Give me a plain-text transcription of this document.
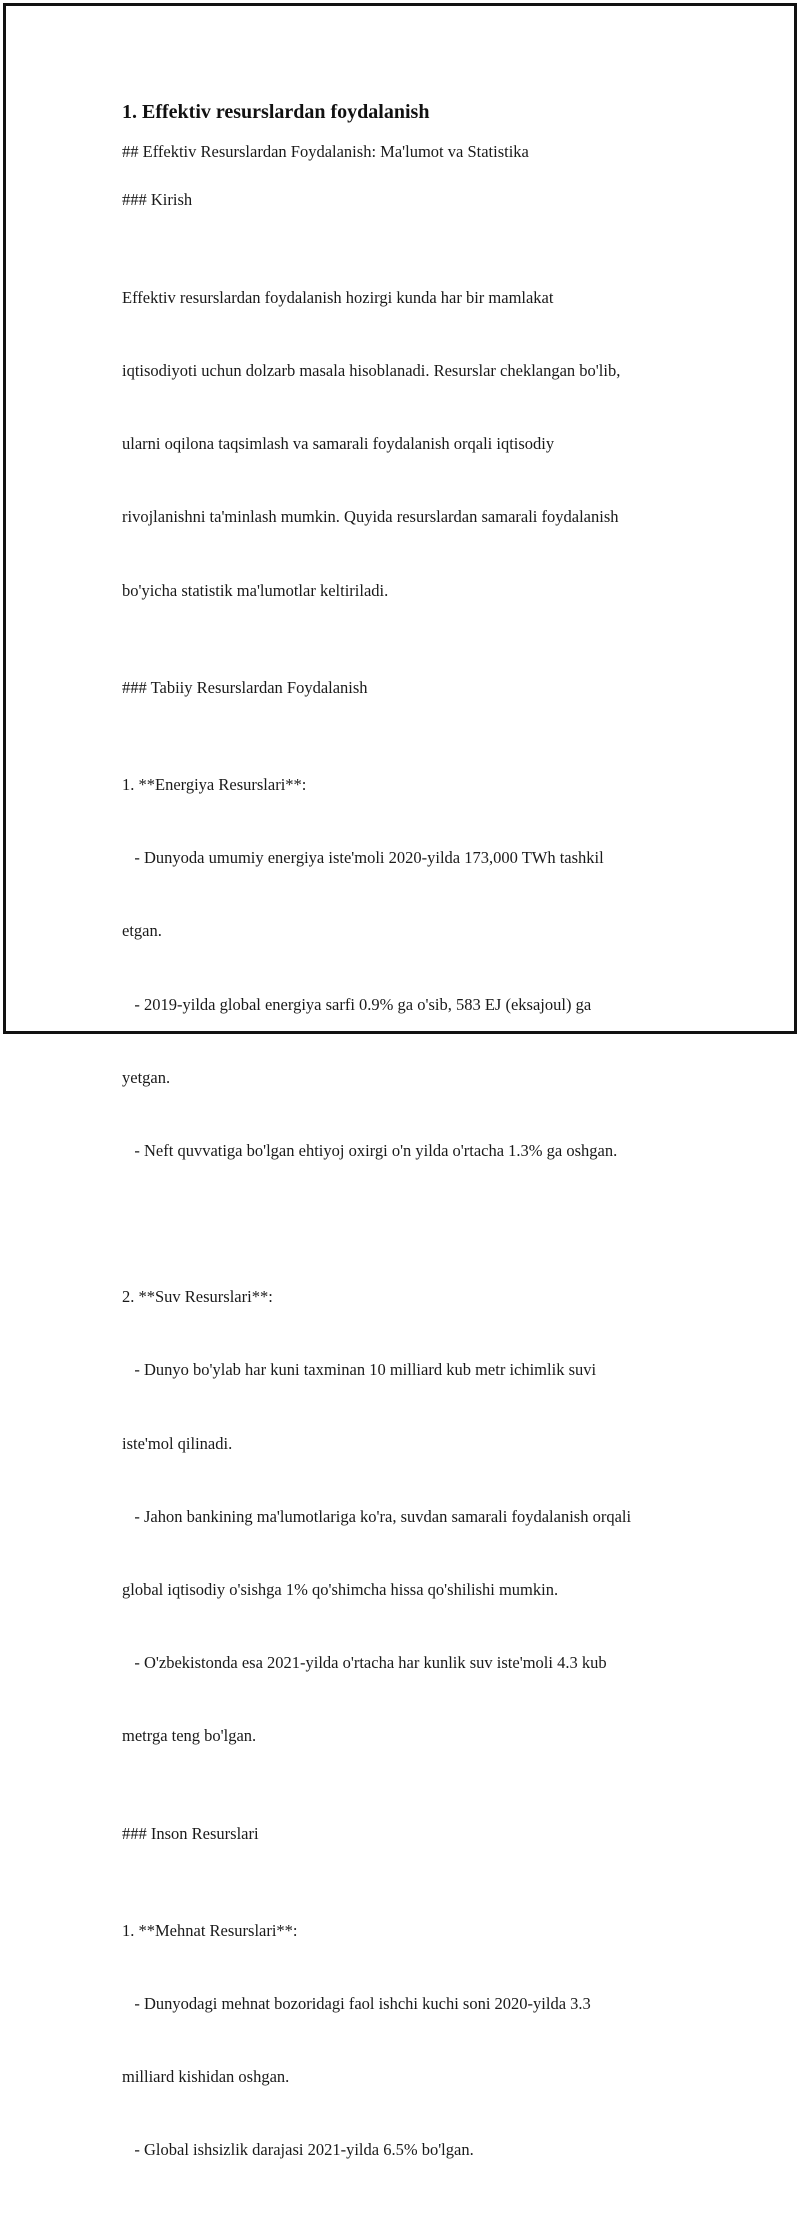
1. Effektiv resurslardan foydalanish
## Effektiv Resurslardan Foydalanish: Ma'lumot va Statistika
### Kirish

Effektiv resurslardan foydalanish hozirgi kunda har bir mamlakat

iqtisodiyoti uchun dolzarb masala hisoblanadi. Resurslar cheklangan bo'lib,

ularni oqilona taqsimlash va samarali foydalanish orqali iqtisodiy

rivojlanishni ta'minlash mumkin. Quyida resurslardan samarali foydalanish

bo'yicha statistik ma'lumotlar keltiriladi.

### Tabiiy Resurslardan Foydalanish

1. **Energiya Resurslari**:

- Dunyoda umumiy energiya iste'moli 2020-yilda 173,000 TWh tashkil

etgan.

- 2019-yilda global energiya sarfi 0.9% ga o'sib, 583 EJ (eksajoul) ga

yetgan.

- Neft quvvatiga bo'lgan ehtiyoj oxirgi o'n yilda o'rtacha 1.3% ga oshgan.

2. **Suv Resurslari**:

- Dunyo bo'ylab har kuni taxminan 10 milliard kub metr ichimlik suvi

iste'mol qilinadi.

- Jahon bankining ma'lumotlariga ko'ra, suvdan samarali foydalanish orqali

global iqtisodiy o'sishga 1% qo'shimcha hissa qo'shilishi mumkin.

- O'zbekistonda esa 2021-yilda o'rtacha har kunlik suv iste'moli 4.3 kub

metrga teng bo'lgan.

### Inson Resurslari

1. **Mehnat Resurslari**:

- Dunyodagi mehnat bozoridagi faol ishchi kuchi soni 2020-yilda 3.3

milliard kishidan oshgan.

- Global ishsizlik darajasi 2021-yilda 6.5% bo'lgan.
